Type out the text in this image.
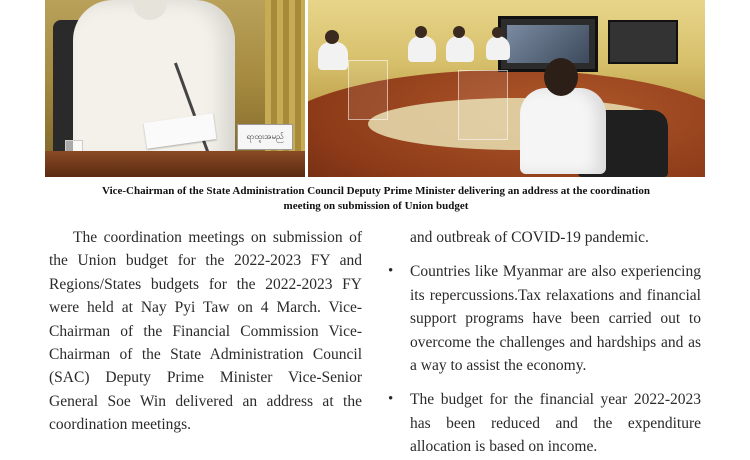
ရာထူးအမည်
Vice-Chairman of the State Administration Council Deputy Prime Minister delivering an address at the coordination
meeting on submission of Union budget

The coordination meetings on submission of the Union budget for the 2022-2023 FY and Regions/States budgets for the 2022-2023 FY were held at Nay Pyi Taw on 4 March. Vice-Chairman of the Financial Commission Vice-Chairman of the State Administration Council (SAC) Deputy Prime Minister Vice-Senior General Soe Win delivered an address at the coordination meetings.

and outbreak of COVID-19 pandemic.
• Countries like Myanmar are also experiencing its repercussions.Tax relaxations and financial support programs have been carried out to overcome the challenges and hardships and as a way to assist the economy.
• The budget for the financial year 2022-2023 has been reduced and the expenditure allocation is based on income.
